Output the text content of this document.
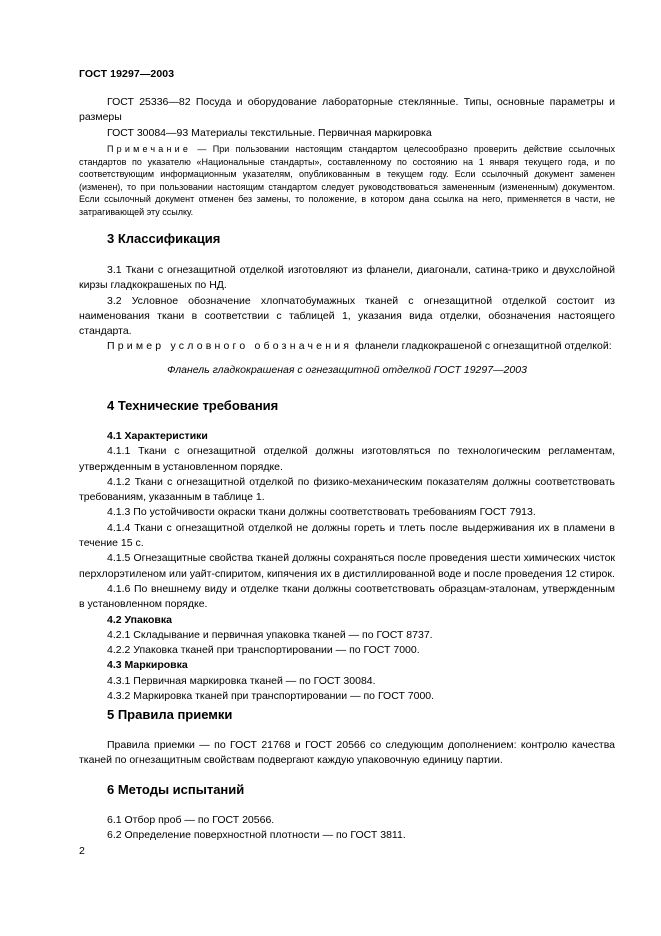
ГОСТ 19297—2003

ГОСТ 25336—82 Посуда и оборудование лабораторные стеклянные. Типы, основные параметры и размеры

ГОСТ 30084—93 Материалы текстильные. Первичная маркировка

Примечание — При пользовании настоящим стандартом целесообразно проверить действие ссылочных стандартов по указателю «Национальные стандарты», составленному по состоянию на 1 января текущего года, и по соответствующим информационным указателям, опубликованным в текущем году. Если ссылочный документ заменен (изменен), то при пользовании настоящим стандартом следует руководствоваться замененным (измененным) документом. Если ссылочный документ отменен без замены, то положение, в котором дана ссылка на него, применяется в части, не затрагивающей эту ссылку.

3 Классификация

3.1 Ткани с огнезащитной отделкой изготовляют из фланели, диагонали, сатина-трико и двухслойной кирзы гладкокрашеных по НД.

3.2 Условное обозначение хлопчатобумажных тканей с огнезащитной отделкой состоит из наименования ткани в соответствии с таблицей 1, указания вида отделки, обозначения настоящего стандарта.

Пример условного обозначения фланели гладкокрашеной с огнезащитной отделкой:

Фланель гладкокрашеная с огнезащитной отделкой ГОСТ 19297—2003

4 Технические требования
4.1 Характеристики

4.1.1 Ткани с огнезащитной отделкой должны изготовляться по технологическим регламентам, утвержденным в установленном порядке.

4.1.2 Ткани с огнезащитной отделкой по физико-механическим показателям должны соответствовать требованиям, указанным в таблице 1.

4.1.3 По устойчивости окраски ткани должны соответствовать требованиям ГОСТ 7913.

4.1.4 Ткани с огнезащитной отделкой не должны гореть и тлеть после выдерживания их в пламени в течение 15 с.

4.1.5 Огнезащитные свойства тканей должны сохраняться после проведения шести химических чисток перхлорэтиленом или уайт-спиритом, кипячения их в дистиллированной воде и после проведения 12 стирок.

4.1.6 По внешнему виду и отделке ткани должны соответствовать образцам-эталонам, утвержденным в установленном порядке.

4.2 Упаковка

4.2.1 Складывание и первичная упаковка тканей — по ГОСТ 8737.

4.2.2 Упаковка тканей при транспортировании — по ГОСТ 7000.

4.3 Маркировка

4.3.1 Первичная маркировка тканей — по ГОСТ 30084.

4.3.2 Маркировка тканей при транспортировании — по ГОСТ 7000.

5 Правила приемки

Правила приемки — по ГОСТ 21768 и ГОСТ 20566 со следующим дополнением: контролю качества тканей по огнезащитным свойствам подвергают каждую упаковочную единицу партии.

6 Методы испытаний

6.1 Отбор проб — по ГОСТ 20566.

6.2 Определение поверхностной плотности — по ГОСТ 3811.

2
